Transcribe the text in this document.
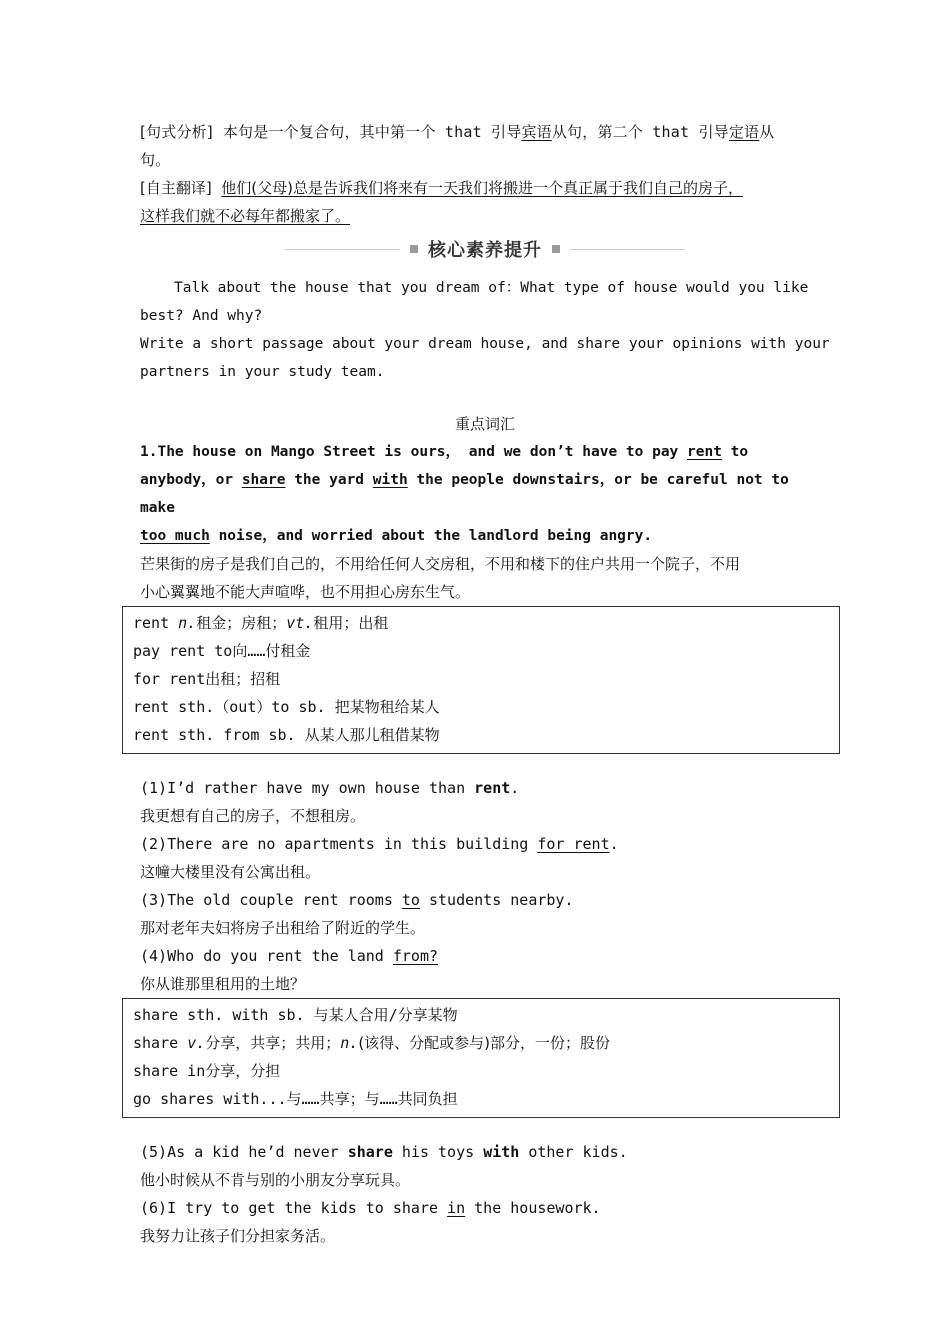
[句式分析] 本句是一个复合句，其中第一个 that 引导宾语从句，第二个 that 引导定语从
句。

[自主翻译] 他们(父母)总是告诉我们将来有一天我们将搬进一个真正属于我们自己的房子，
这样我们就不必每年都搬家了。

核心素养提升

Talk about the house that you dream of：What type of house would you like

best? And why?

Write a short passage about your dream house, and share your opinions with your

partners in your study team.

重点词汇

1.The house on Mango Street is ours， and we don’t have to pay rent to

anybody，or share the yard with the people downstairs，or be careful not to make

too much noise，and worried about the landlord being angry.

芒果街的房子是我们自己的，不用给任何人交房租，不用和楼下的住户共用一个院子，不用
小心翼翼地不能大声喧哗，也不用担心房东生气。

rent n.租金；房租；vt.租用；出租

pay rent to向……付租金

for rent出租；招租

rent sth.（out）to sb. 把某物租给某人

rent sth. from sb. 从某人那儿租借某物

(1)I’d rather have my own house than rent.

我更想有自己的房子，不想租房。

(2)There are no apartments in this building for rent.

这幢大楼里没有公寓出租。

(3)The old couple rent rooms to students nearby.

那对老年夫妇将房子出租给了附近的学生。

(4)Who do you rent the land from?

你从谁那里租用的土地？

share sth. with sb. 与某人合用/分享某物

share v.分享，共享；共用；n.(该得、分配或参与)部分，一份；股份

share in分享，分担

go shares with...与……共享；与……共同负担

(5)As a kid he’d never share his toys with other kids.

他小时候从不肯与别的小朋友分享玩具。

(6)I try to get the kids to share in the housework.

我努力让孩子们分担家务活。
